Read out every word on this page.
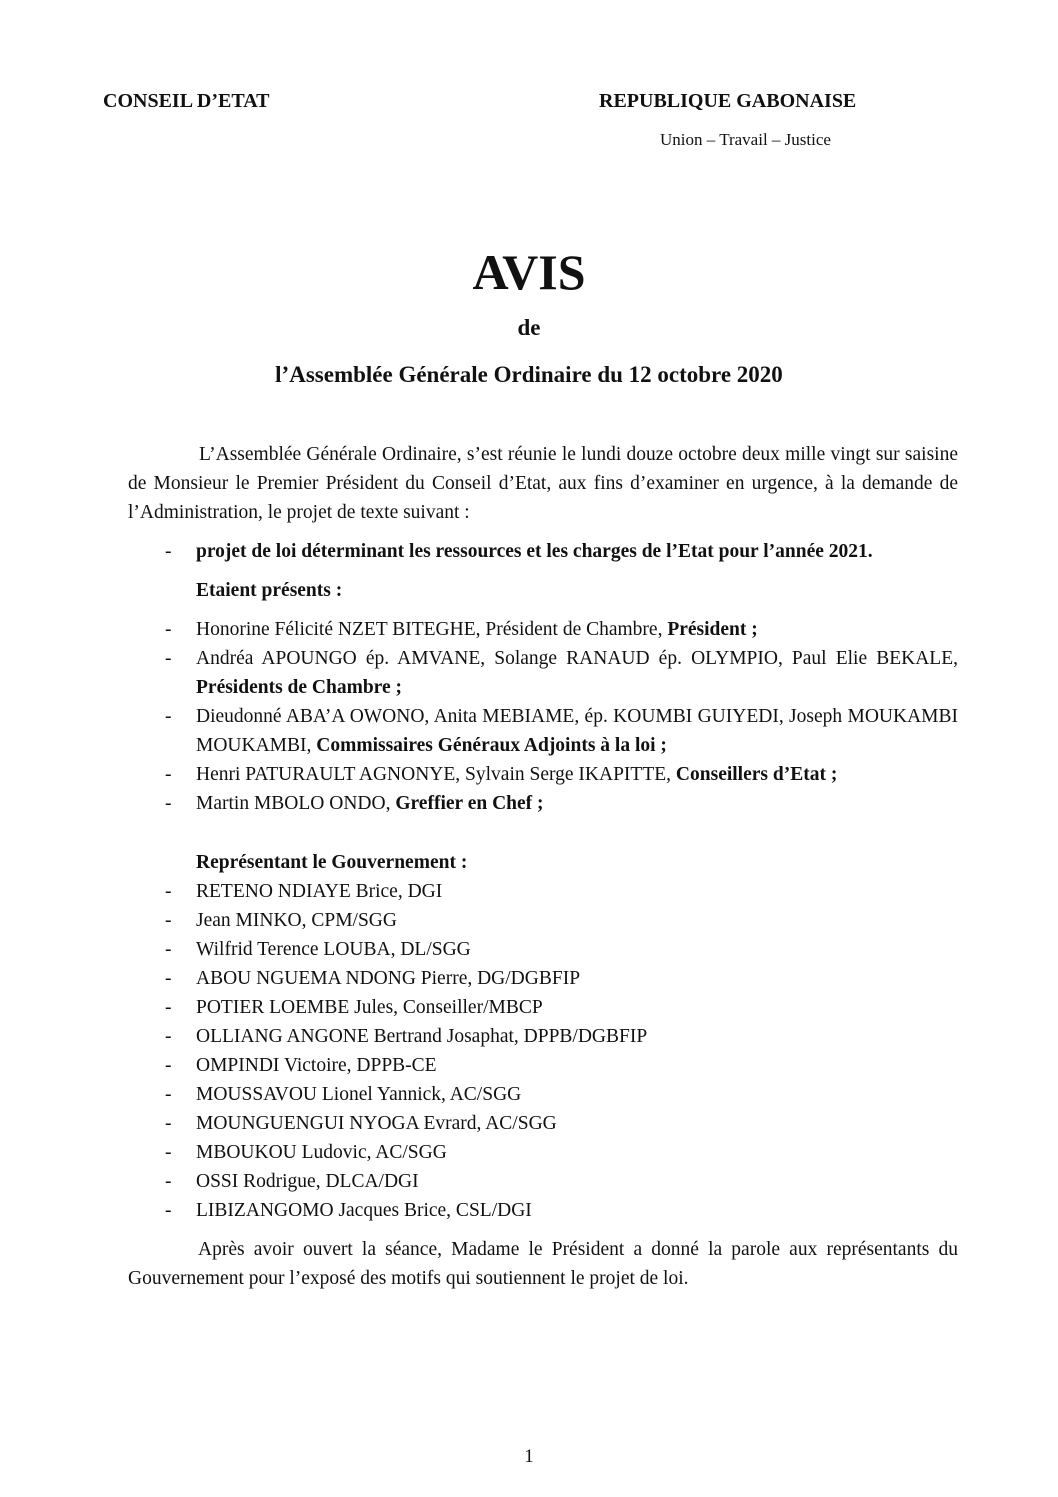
CONSEIL D’ETAT	REPUBLIQUE GABONAISE
Union – Travail – Justice
AVIS
de
l’Assemblée Générale Ordinaire du 12 octobre 2020

L’Assemblée Générale Ordinaire, s’est réunie le lundi douze octobre deux mille vingt sur saisine de Monsieur le Premier Président du Conseil d’Etat, aux fins d’examiner en urgence, à la demande de l’Administration, le projet de texte suivant :

- projet de loi déterminant les ressources et les charges de l’Etat pour l’année 2021.

Etaient présents :

- Honorine Félicité NZET BITEGHE, Président de Chambre, Président ;
- Andréa APOUNGO ép. AMVANE, Solange RANAUD ép. OLYMPIO, Paul Elie BEKALE, Présidents de Chambre ;
- Dieudonné ABA’A OWONO, Anita MEBIAME, ép. KOUMBI GUIYEDI, Joseph MOUKAMBI MOUKAMBI, Commissaires Généraux Adjoints à la loi ;
- Henri PATURAULT AGNONYE, Sylvain Serge IKAPITTE, Conseillers d’Etat ;
- Martin MBOLO ONDO, Greffier en Chef ;

Représentant le Gouvernement :

- RETENO NDIAYE Brice, DGI
- Jean MINKO, CPM/SGG
- Wilfrid Terence LOUBA, DL/SGG
- ABOU NGUEMA NDONG Pierre, DG/DGBFIP
- POTIER LOEMBE Jules, Conseiller/MBCP
- OLLIANG ANGONE Bertrand Josaphat, DPPB/DGBFIP
- OMPINDI Victoire, DPPB-CE
- MOUSSAVOU Lionel Yannick, AC/SGG
- MOUNGUENGUI NYOGA Evrard, AC/SGG
- MBOUKOU Ludovic, AC/SGG
- OSSI Rodrigue, DLCA/DGI
- LIBIZANGOMO Jacques Brice, CSL/DGI

Après avoir ouvert la séance, Madame le Président a donné la parole aux représentants du Gouvernement pour l’exposé des motifs qui soutiennent le projet de loi.

1
